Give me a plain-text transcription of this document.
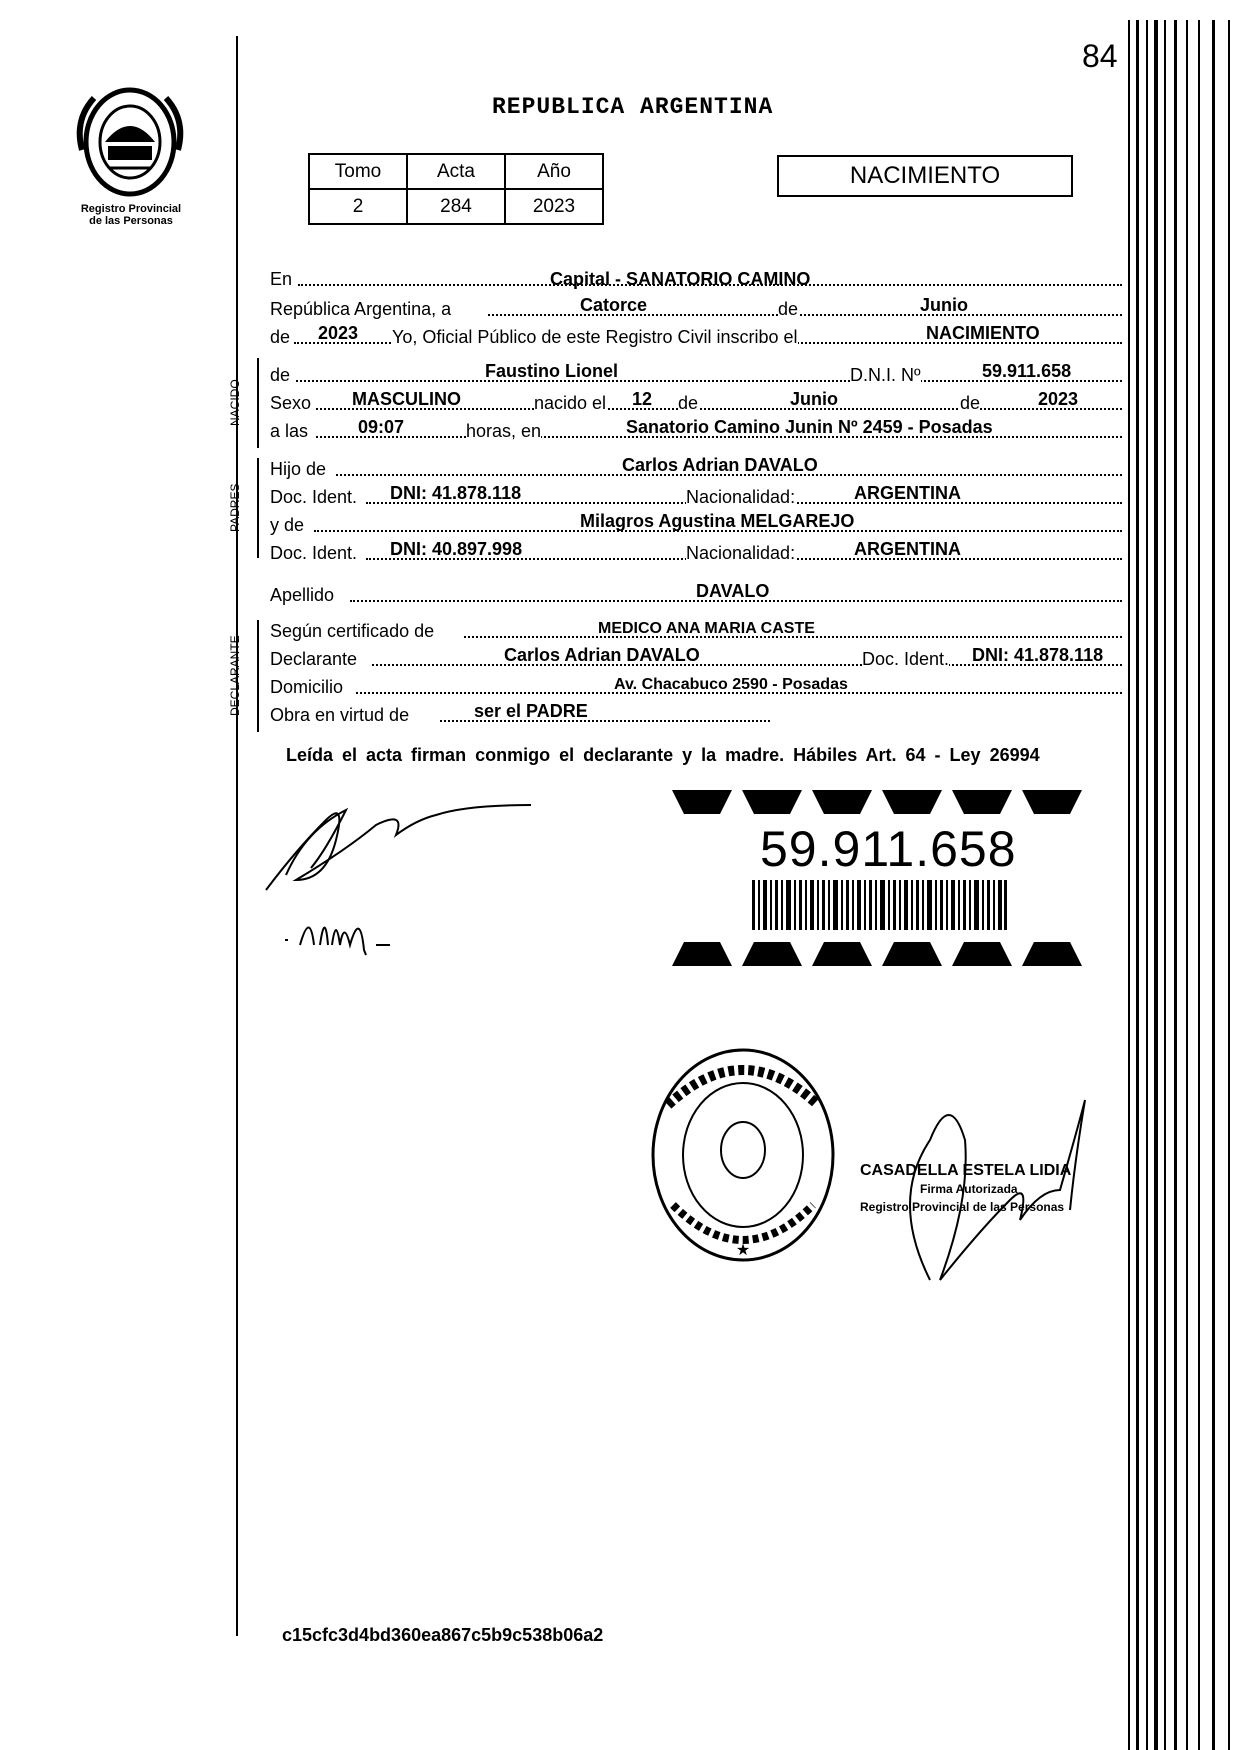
84
Registro Provincial
de las Personas
REPUBLICA ARGENTINA
Tomo	Acta	Año
2	284	2023
NACIMIENTO
En	Capital - SANATORIO CAMINO
República Argentina, a	Catorce	de	Junio
de 2023 Yo, Oficial Público de este Registro Civil inscribo el	NACIMIENTO
NACIDO
de	Faustino Lionel	D.N.I. Nº	59.911.658
Sexo MASCULINO	nacido el 12 de	Junio	de	2023
a las	09:07	horas, en	Sanatorio Camino Junin Nº 2459 - Posadas
PADRES
Hijo de	Carlos Adrian DAVALO
Doc. Ident. DNI: 41.878.118	Nacionalidad:	ARGENTINA
y de	Milagros Agustina MELGAREJO
Doc. Ident. DNI: 40.897.998	Nacionalidad:	ARGENTINA
Apellido	DAVALO
DECLARANTE
Según certificado de	MEDICO ANA MARIA CASTE
Declarante	Carlos Adrian DAVALO	Doc. Ident. DNI: 41.878.118
Domicilio	Av. Chacabuco 2590 - Posadas
Obra en virtud de	ser el PADRE
Leída el acta firman conmigo el declarante y la madre. Hábiles Art. 64 - Ley 26994
59.911.658
★
CASADELLA ESTELA LIDIA
Firma Autorizada
Registro Provincial de las Personas
c15cfc3d4bd360ea867c5b9c538b06a2
